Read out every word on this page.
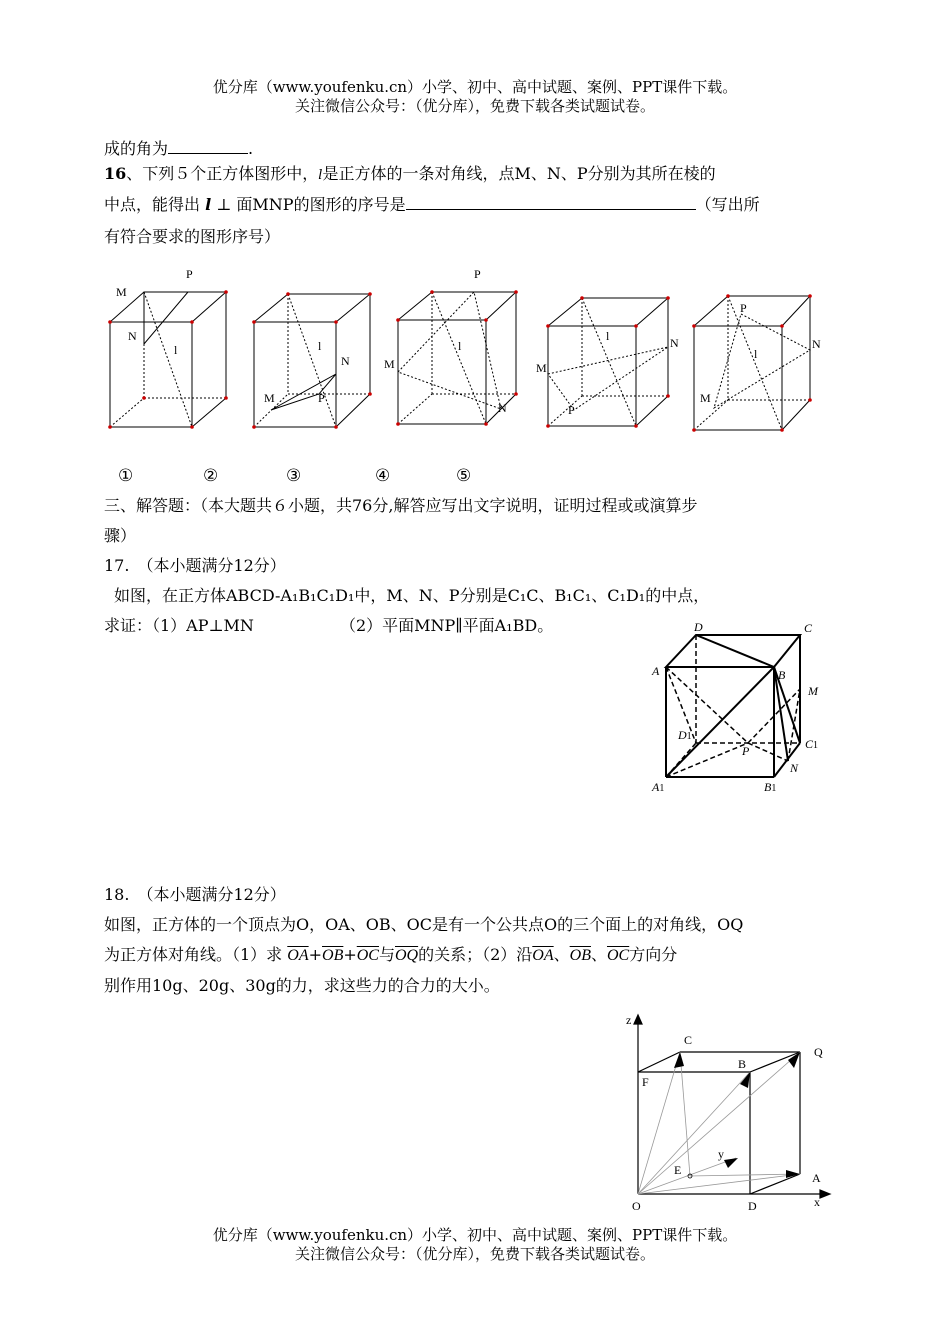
优分库（www.youfenku.cn）小学、初中、高中试题、案例、PPT课件下载。
关注微信公众号：（优分库），免费下载各类试题试卷。
成的角为	.
16、下列５个正方体图形中，l是正方体的一条对角线，点M、N、P分别为其所在棱的
中点，能得出 l ⊥ 面MNP的图形的序号是	（写出所
有符合要求的图形序号）
M
P
N
l
M
N
P
l
M
P
N
l
M
N
P
l
M
P
N
l
①	②	③	④	⑤
三、解答题：（本大题共６小题，共76分,解答应写出文字说明，证明过程或或演算步
骤）
17.　（本小题满分12分）
如图，在正方体ABCD-A₁B₁C₁D₁中，M、N、P分别是C₁C、B₁C₁、C₁D₁的中点，
求证：（1）AP⊥MN	（2）平面MNP∥平面A₁BD。	D	C
A	B
M
D1
P	C1
N
A1	B1
18.　（本小题满分12分）
如图，正方体的一个顶点为O，OA、OB、OC是有一个公共点O的三个面上的对角线，OQ
为正方体对角线。（1）求 $\overline{OA}+\overline{OB}+\overline{OC}$与$\overline{OQ}$的关系；（2）沿$\overline{OA}$、$\overline{OB}$、$\overline{OC}$方向分
别作用10g、20g、30g的力，求这些力的合力的大小。
z
C
B
Q
F
E
y
A
O	D	x
优分库（www.youfenku.cn）小学、初中、高中试题、案例、PPT课件下载。
关注微信公众号：（优分库），免费下载各类试题试卷。
